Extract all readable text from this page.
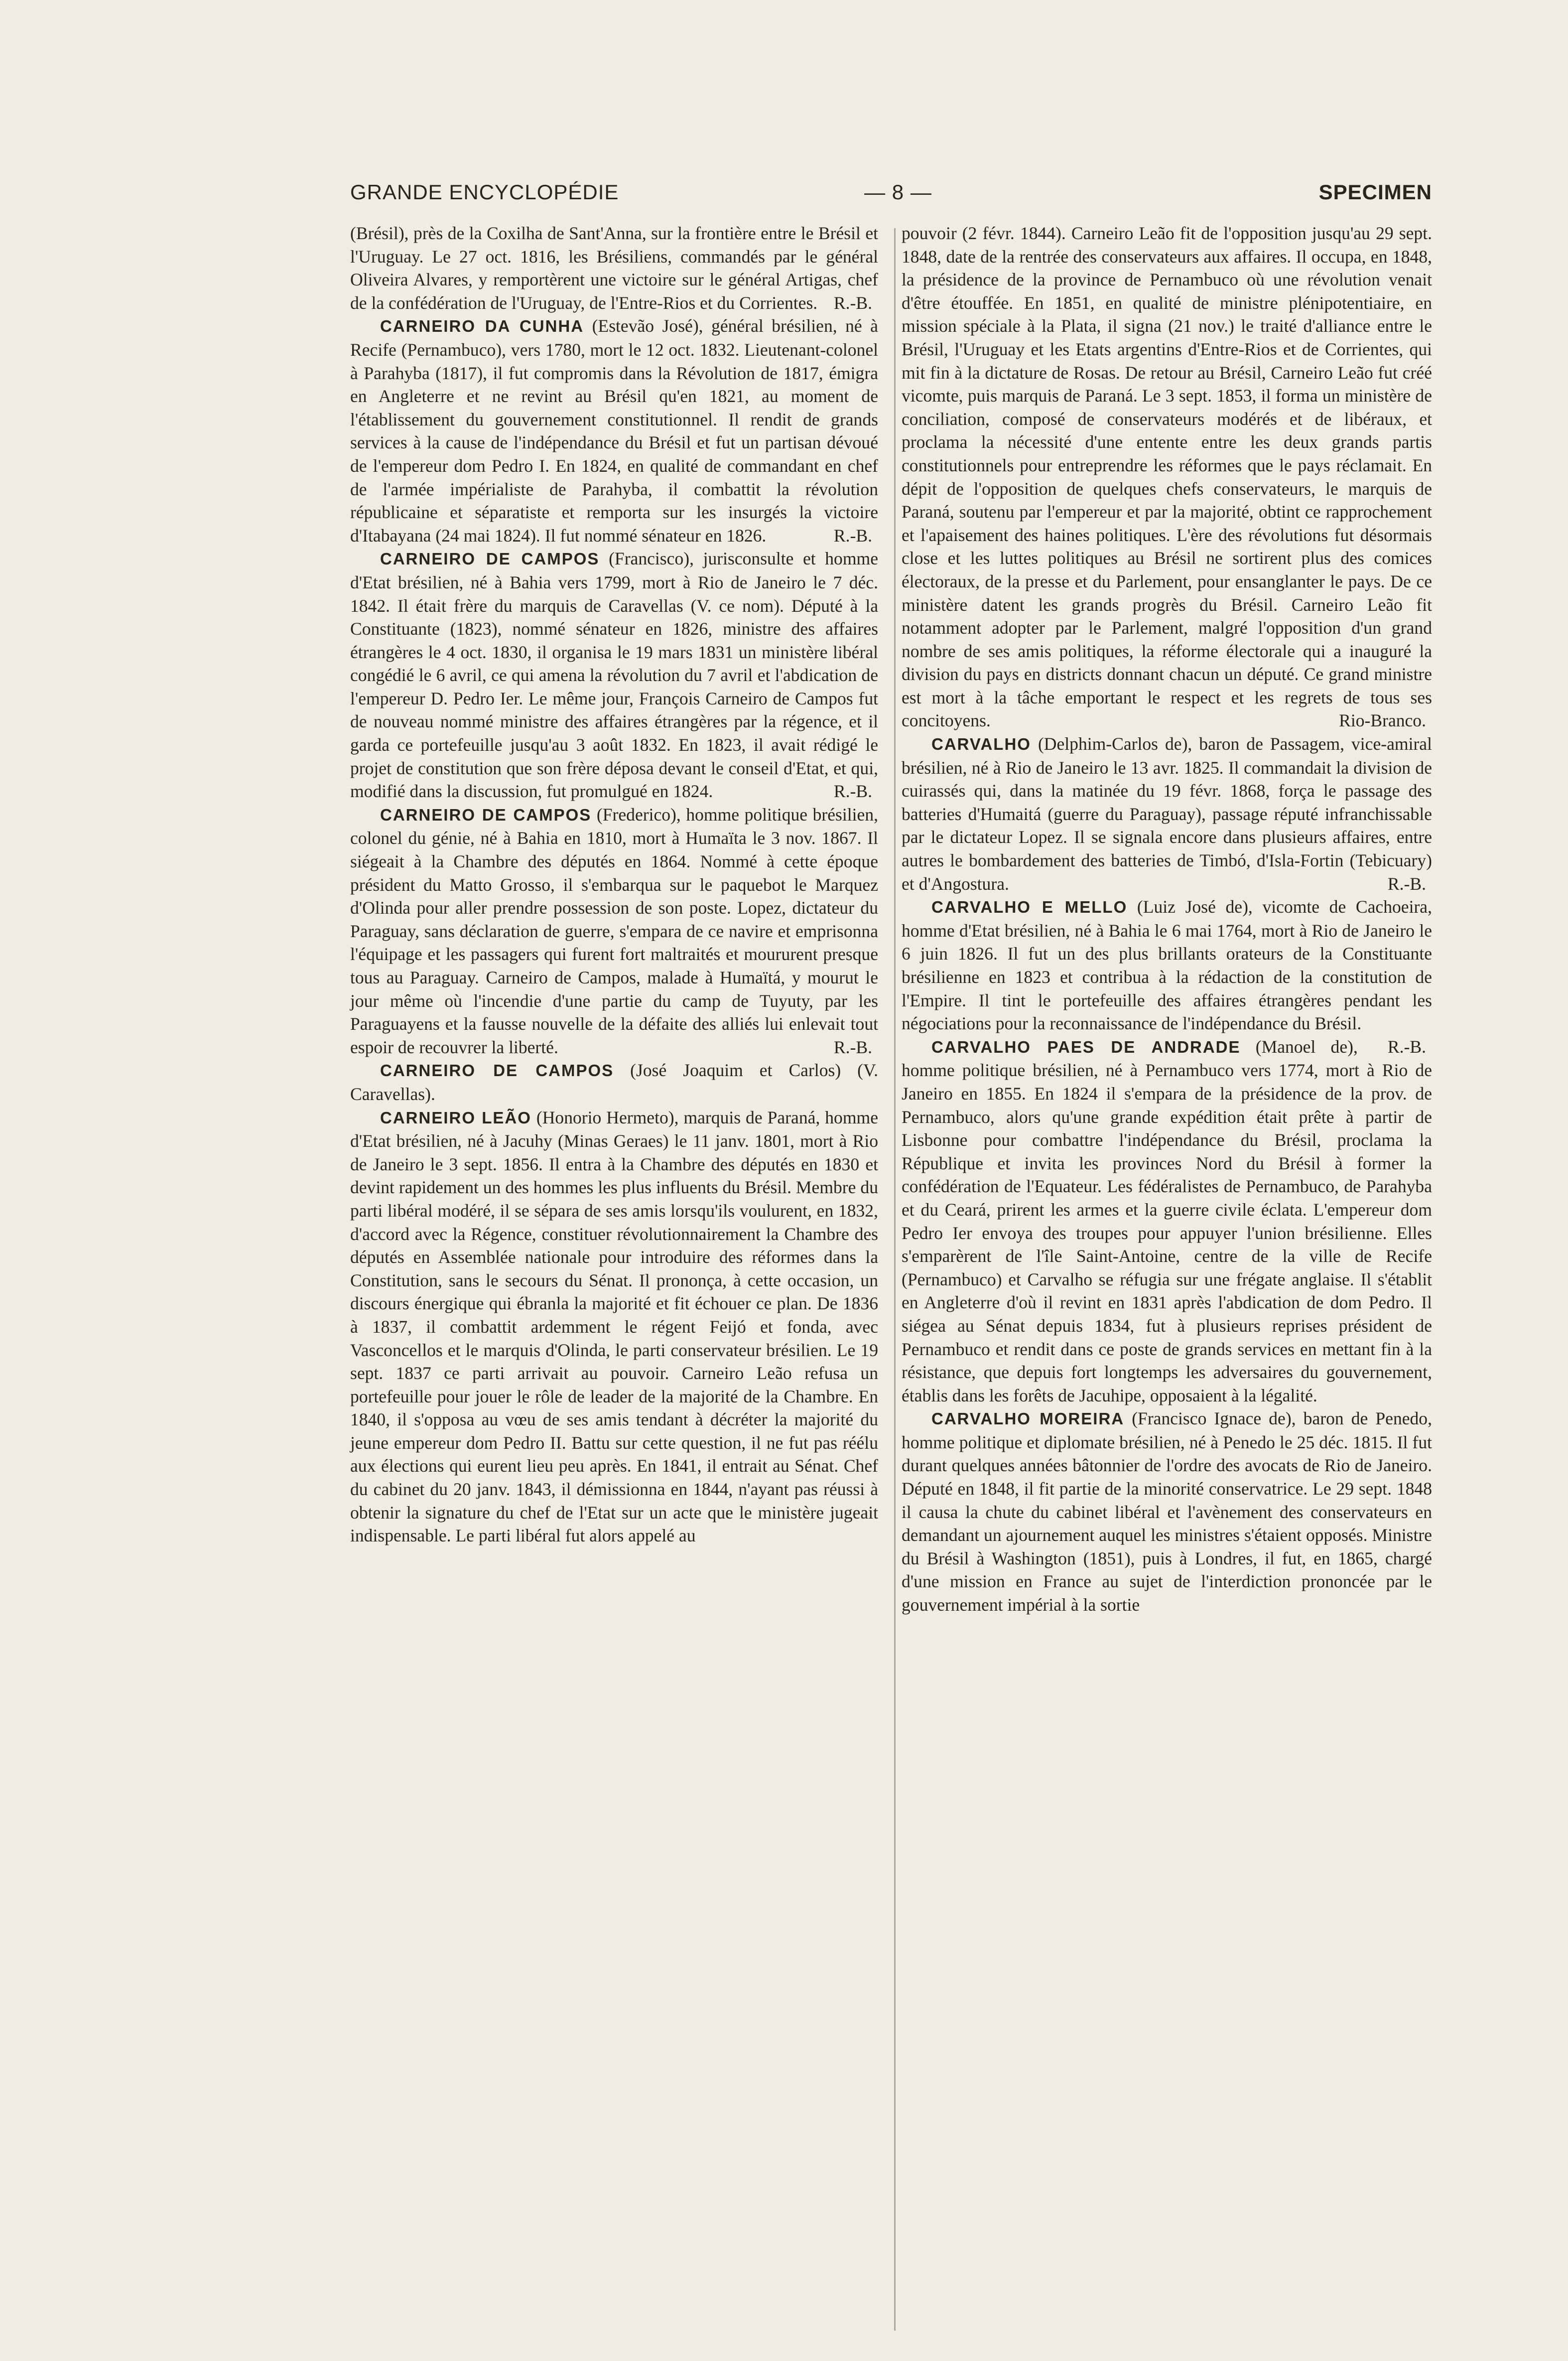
GRANDE ENCYCLOPÉDIE	— 8 —	SPECIMEN

(Brésil), près de la Coxilha de Sant'Anna, sur la frontière entre le Brésil et l'Uruguay. Le 27 oct. 1816, les Brésiliens, commandés par le général Oliveira Alvares, y remportèrent une victoire sur le général Artigas, chef de la confédération de l'Uruguay, de l'Entre-Rios et du Corrientes. R.-B.

CARNEIRO DA CUNHA (Estevão José), général brésilien, né à Recife (Pernambuco), vers 1780, mort le 12 oct. 1832. Lieutenant-colonel à Parahyba (1817), il fut compromis dans la Révolution de 1817, émigra en Angleterre et ne revint au Brésil qu'en 1821, au moment de l'établissement du gouvernement constitutionnel. Il rendit de grands services à la cause de l'indépendance du Brésil et fut un partisan dévoué de l'empereur dom Pedro I. En 1824, en qualité de commandant en chef de l'armée impérialiste de Parahyba, il combattit la révolution républicaine et séparatiste et remporta sur les insurgés la victoire d'Itabayana (24 mai 1824). Il fut nommé sénateur en 1826.	R.-B.

CARNEIRO DE CAMPOS (Francisco), jurisconsulte et homme d'Etat brésilien, né à Bahia vers 1799, mort à Rio de Janeiro le 7 déc. 1842. Il était frère du marquis de Caravellas (V. ce nom). Député à la Constituante (1823), nommé sénateur en 1826, ministre des affaires étrangères le 4 oct. 1830, il organisa le 19 mars 1831 un ministère libéral congédié le 6 avril, ce qui amena la révolution du 7 avril et l'abdication de l'empereur D. Pedro Ier. Le même jour, François Carneiro de Campos fut de nouveau nommé ministre des affaires étrangères par la régence, et il garda ce portefeuille jusqu'au 3 août 1832. En 1823, il avait rédigé le projet de constitution que son frère déposa devant le conseil d'Etat, et qui, modifié dans la discussion, fut promulgué en 1824.	R.-B.

CARNEIRO DE CAMPOS (Frederico), homme politique brésilien, colonel du génie, né à Bahia en 1810, mort à Humaïta le 3 nov. 1867. Il siégeait à la Chambre des députés en 1864. Nommé à cette époque président du Matto Grosso, il s'embarqua sur le paquebot le Marquez d'Olinda pour aller prendre possession de son poste. Lopez, dictateur du Paraguay, sans déclaration de guerre, s'empara de ce navire et emprisonna l'équipage et les passagers qui furent fort maltraités et moururent presque tous au Paraguay. Carneiro de Campos, malade à Humaïtá, y mourut le jour même où l'incendie d'une partie du camp de Tuyuty, par les Paraguayens et la fausse nouvelle de la défaite des alliés lui enlevait tout espoir de recouvrer la liberté.	R.-B.

CARNEIRO DE CAMPOS (José Joaquim et Carlos) (V. Caravellas).

CARNEIRO LEÃO (Honorio Hermeto), marquis de Paraná, homme d'Etat brésilien, né à Jacuhy (Minas Geraes) le 11 janv. 1801, mort à Rio de Janeiro le 3 sept. 1856. Il entra à la Chambre des députés en 1830 et devint rapidement un des hommes les plus influents du Brésil. Membre du parti libéral modéré, il se sépara de ses amis lorsqu'ils voulurent, en 1832, d'accord avec la Régence, constituer révolutionnairement la Chambre des députés en Assemblée nationale pour introduire des réformes dans la Constitution, sans le secours du Sénat. Il prononça, à cette occasion, un discours énergique qui ébranla la majorité et fit échouer ce plan. De 1836 à 1837, il combattit ardemment le régent Feijó et fonda, avec Vasconcellos et le marquis d'Olinda, le parti conservateur brésilien. Le 19 sept. 1837 ce parti arrivait au pouvoir. Carneiro Leão refusa un portefeuille pour jouer le rôle de leader de la majorité de la Chambre. En 1840, il s'opposa au vœu de ses amis tendant à décréter la majorité du jeune empereur dom Pedro II. Battu sur cette question, il ne fut pas réélu aux élections qui eurent lieu peu après. En 1841, il entrait au Sénat. Chef du cabinet du 20 janv. 1843, il démissionna en 1844, n'ayant pas réussi à obtenir la signature du chef de l'Etat sur un acte que le ministère jugeait indispensable. Le parti libéral fut alors appelé au

pouvoir (2 févr. 1844). Carneiro Leão fit de l'opposition jusqu'au 29 sept. 1848, date de la rentrée des conservateurs aux affaires. Il occupa, en 1848, la présidence de la province de Pernambuco où une révolution venait d'être étouffée. En 1851, en qualité de ministre plénipotentiaire, en mission spéciale à la Plata, il signa (21 nov.) le traité d'alliance entre le Brésil, l'Uruguay et les Etats argentins d'Entre-Rios et de Corrientes, qui mit fin à la dictature de Rosas. De retour au Brésil, Carneiro Leão fut créé vicomte, puis marquis de Paraná. Le 3 sept. 1853, il forma un ministère de conciliation, composé de conservateurs modérés et de libéraux, et proclama la nécessité d'une entente entre les deux grands partis constitutionnels pour entreprendre les réformes que le pays réclamait. En dépit de l'opposition de quelques chefs conservateurs, le marquis de Paraná, soutenu par l'empereur et par la majorité, obtint ce rapprochement et l'apaisement des haines politiques. L'ère des révolutions fut désormais close et les luttes politiques au Brésil ne sortirent plus des comices électoraux, de la presse et du Parlement, pour ensanglanter le pays. De ce ministère datent les grands progrès du Brésil. Carneiro Leão fit notamment adopter par le Parlement, malgré l'opposition d'un grand nombre de ses amis politiques, la réforme électorale qui a inauguré la division du pays en districts donnant chacun un député. Ce grand ministre est mort à la tâche emportant le respect et les regrets de tous ses concitoyens.	Rio-Branco.

CARVALHO (Delphim-Carlos de), baron de Passagem, vice-amiral brésilien, né à Rio de Janeiro le 13 avr. 1825. Il commandait la division de cuirassés qui, dans la matinée du 19 févr. 1868, força le passage des batteries d'Humaitá (guerre du Paraguay), passage réputé infranchissable par le dictateur Lopez. Il se signala encore dans plusieurs affaires, entre autres le bombardement des batteries de Timbó, d'Isla-Fortin (Tebicuary) et d'Angostura.	R.-B.

CARVALHO E MELLO (Luiz José de), vicomte de Cachoeira, homme d'Etat brésilien, né à Bahia le 6 mai 1764, mort à Rio de Janeiro le 6 juin 1826. Il fut un des plus brillants orateurs de la Constituante brésilienne en 1823 et contribua à la rédaction de la constitution de l'Empire. Il tint le portefeuille des affaires étrangères pendant les négociations pour la reconnaissance de l'indépendance du Brésil.
R.-B.

CARVALHO PAES DE ANDRADE (Manoel de), homme politique brésilien, né à Pernambuco vers 1774, mort à Rio de Janeiro en 1855. En 1824 il s'empara de la présidence de la prov. de Pernambuco, alors qu'une grande expédition était prête à partir de Lisbonne pour combattre l'indépendance du Brésil, proclama la République et invita les provinces Nord du Brésil à former la confédération de l'Equateur. Les fédéralistes de Pernambuco, de Parahyba et du Ceará, prirent les armes et la guerre civile éclata. L'empereur dom Pedro Ier envoya des troupes pour appuyer l'union brésilienne. Elles s'emparèrent de l'île Saint-Antoine, centre de la ville de Recife (Pernambuco) et Carvalho se réfugia sur une frégate anglaise. Il s'établit en Angleterre d'où il revint en 1831 après l'abdication de dom Pedro. Il siégea au Sénat depuis 1834, fut à plusieurs reprises président de Pernambuco et rendit dans ce poste de grands services en mettant fin à la résistance, que depuis fort longtemps les adversaires du gouvernement, établis dans les forêts de Jacuhipe, opposaient à la légalité.

CARVALHO MOREIRA (Francisco Ignace de), baron de Penedo, homme politique et diplomate brésilien, né à Penedo le 25 déc. 1815. Il fut durant quelques années bâtonnier de l'ordre des avocats de Rio de Janeiro. Député en 1848, il fit partie de la minorité conservatrice. Le 29 sept. 1848 il causa la chute du cabinet libéral et l'avènement des conservateurs en demandant un ajournement auquel les ministres s'étaient opposés. Ministre du Brésil à Washington (1851), puis à Londres, il fut, en 1865, chargé d'une mission en France au sujet de l'interdiction prononcée par le gouvernement impérial à la sortie
